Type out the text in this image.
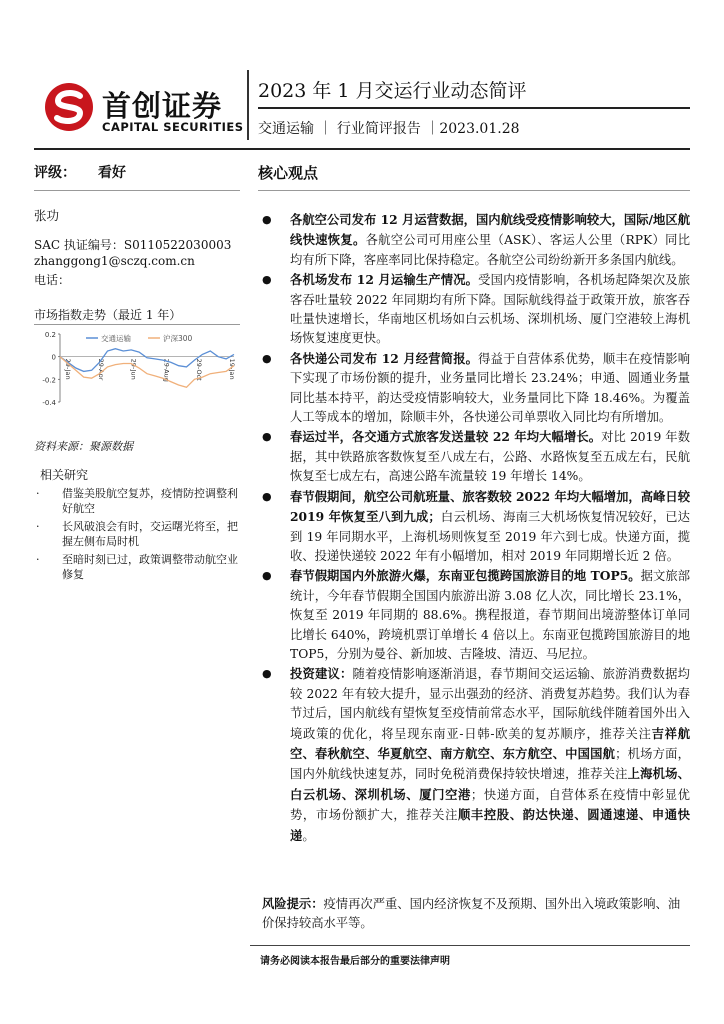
首创证券
CAPITAL SECURITIES
2023 年 1 月交运行业动态简评
交通运输 ｜ 行业简评报告 ｜2023.01.28
评级： 看好
张功
SAC 执证编号：S0110522030003
zhanggong1@sczq.com.cn
电话：
市场指数走势（最近 1 年）
0.2
0
-0.2
-0.4
29-Jan	29-Apr	29-Jun	29-Aug	29-Oct	19-Jan
交通运输	沪深300
资料来源：聚源数据
相关研究
· 借鉴美股航空复苏，疫情防控调整利好航空
· 长风破浪会有时，交运曙光将至，把握左侧布局时机
· 至暗时刻已过，政策调整带动航空业修复
核心观点
● 各航空公司发布 12 月运营数据，国内航线受疫情影响较大，国际/地区航线快速恢复。各航空公司可用座公里（ASK）、客运人公里（RPK）同比均有所下降，客座率同比保持稳定。各航空公司纷纷新开多条国内航线。
● 各机场发布 12 月运输生产情况。受国内疫情影响，各机场起降架次及旅客吞吐量较 2022 年同期均有所下降。国际航线得益于政策开放，旅客吞吐量快速增长，华南地区机场如白云机场、深圳机场、厦门空港较上海机场恢复速度更快。
● 各快递公司发布 12 月经营简报。得益于自营体系优势，顺丰在疫情影响下实现了市场份额的提升，业务量同比增长 23.24%；申通、圆通业务量同比基本持平，韵达受疫情影响较大，业务量同比下降 18.46%。为覆盖人工等成本的增加，除顺丰外，各快递公司单票收入同比均有所增加。
● 春运过半，各交通方式旅客发送量较 22 年均大幅增长。对比 2019 年数据，其中铁路旅客数恢复至八成左右，公路、水路恢复至五成左右，民航恢复至七成左右，高速公路车流量较 19 年增长 14%。
● 春节假期间，航空公司航班量、旅客数较 2022 年均大幅增加，高峰日较 2019 年恢复至八到九成；白云机场、海南三大机场恢复情况较好，已达到 19 年同期水平，上海机场则恢复至 2019 年六到七成。快递方面，揽收、投递快递较 2022 年有小幅增加，相对 2019 年同期增长近 2 倍。
● 春节假期国内外旅游火爆，东南亚包揽跨国旅游目的地 TOP5。据文旅部统计，今年春节假期全国国内旅游出游 3.08 亿人次，同比增长 23.1%，恢复至 2019 年同期的 88.6%。携程报道，春节期间出境游整体订单同比增长 640%，跨境机票订单增长 4 倍以上。东南亚包揽跨国旅游目的地 TOP5，分别为曼谷、新加坡、吉隆坡、清迈、马尼拉。
● 投资建议：随着疫情影响逐渐消退，春节期间交运运输、旅游消费数据均较 2022 年有较大提升，显示出强劲的经济、消费复苏趋势。我们认为春节过后，国内航线有望恢复至疫情前常态水平，国际航线伴随着国外出入境政策的优化，将呈现东南亚-日韩-欧美的复苏顺序，推荐关注吉祥航空、春秋航空、华夏航空、南方航空、东方航空、中国国航；机场方面，国内外航线快速复苏，同时免税消费保持较快增速，推荐关注上海机场、白云机场、深圳机场、厦门空港；快递方面，自营体系在疫情中彰显优势，市场份额扩大，推荐关注顺丰控股、韵达快递、圆通速递、申通快递。
风险提示：疫情再次严重、国内经济恢复不及预期、国外出入境政策影响、油价保持较高水平等。
请务必阅读本报告最后部分的重要法律声明
